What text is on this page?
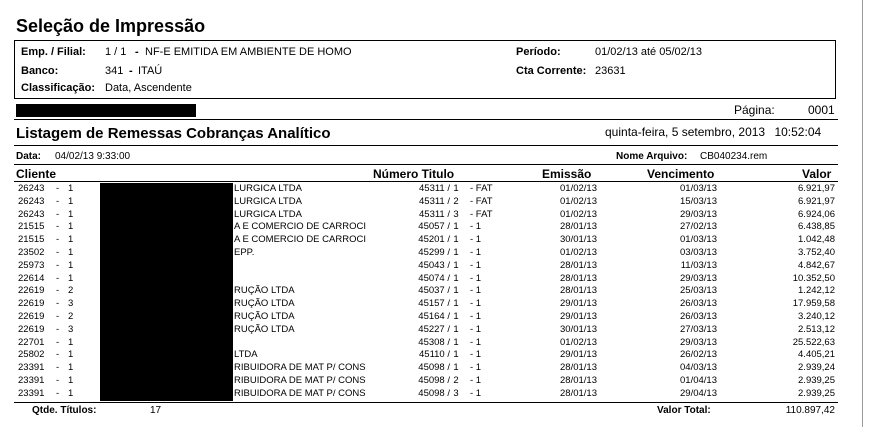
Seleção de Impressão
Emp. / Filial: 1 / 1 - NF-E EMITIDA EM AMBIENTE DE HOMO
Banco:	341 - ITAÚ
Classificação: Data, Ascendente
Período:	01/02/13 até 05/02/13
Cta Corrente: 23631
Página:	0001
Listagem de Remessas Cobranças Analítico	quinta-feira, 5 setembro, 2013 10:52:04
Data: 04/02/13 9:33:00	Nome Arquivo: CB040234.rem
Cliente	Número Titulo	Emissão	Vencimento	Valor
26243 - 1	LURGICA LTDA	45311 / 1 - FAT	01/02/13	01/03/13	6.921,97
26243 - 1	LURGICA LTDA	45311 / 2 - FAT	01/02/13	15/03/13	6.921,97
26243 - 1	LURGICA LTDA	45311 / 3 - FAT	01/02/13	29/03/13	6.924,06
21515 - 1	A E COMERCIO DE CARROCI	45057 / 1 - 1	28/01/13	27/02/13	6.438,85
21515 - 1	A E COMERCIO DE CARROCI	45201 / 1 - 1	30/01/13	01/03/13	1.042,48
23502 - 1	EPP.	45299 / 1 - 1	01/02/13	03/03/13	3.752,40
25973 - 1	45043 / 1 - 1	28/01/13	11/03/13	4.842,67
22614 - 1	45074 / 1 - 1	28/01/13	29/03/13	10.352,50
22619 - 2	RUÇÃO LTDA	45037 / 1 - 1	28/01/13	25/03/13	1.242,12
22619 - 3	RUÇÃO LTDA	45157 / 1 - 1	29/01/13	26/03/13	17.959,58
22619 - 2	RUÇÃO LTDA	45164 / 1 - 1	29/01/13	26/03/13	3.240,12
22619 - 3	RUÇÃO LTDA	45227 / 1 - 1	30/01/13	27/03/13	2.513,12
22701 - 1	45308 / 1 - 1	01/02/13	29/03/13	25.522,63
25802 - 1	LTDA	45110 / 1 - 1	29/01/13	26/02/13	4.405,21
23391 - 1	RIBUIDORA DE MAT P/ CONS	45098 / 1 - 1	28/01/13	04/03/13	2.939,24
23391 - 1	RIBUIDORA DE MAT P/ CONS	45098 / 2 - 1	28/01/13	01/04/13	2.939,25
23391 - 1	RIBUIDORA DE MAT P/ CONS	45098 / 3 - 1	28/01/13	29/04/13	2.939,25
Qtde. Títulos:	17	Valor Total:	110.897,42
